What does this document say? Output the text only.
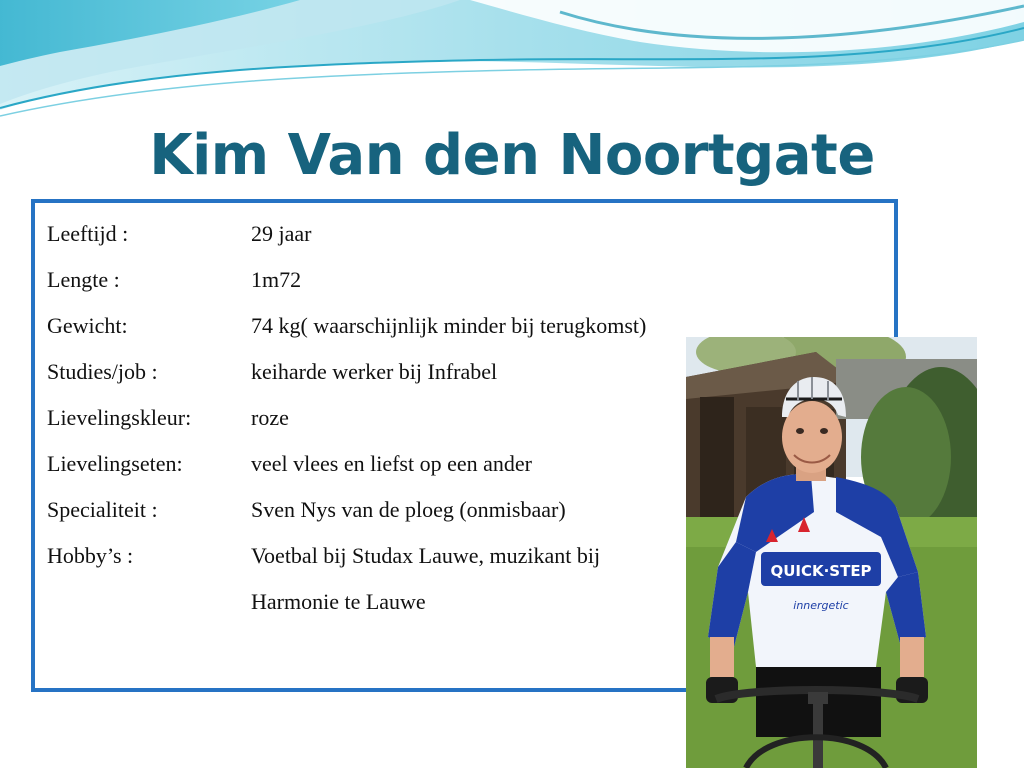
Kim Van den Noortgate
Leeftijd :	29 jaar
Lengte :	1m72
Gewicht:	74 kg( waarschijnlijk minder bij terugkomst)
Studies/job :	keiharde werker bij Infrabel
Lievelingskleur:	roze
Lievelingseten:	veel vlees en liefst op een ander
Specialiteit :	Sven Nys van de ploeg (onmisbaar)
Hobby’s :	Voetbal bij Studax Lauwe, muzikant bij
Harmonie te Lauwe
QUICK·STEP
innergetic
